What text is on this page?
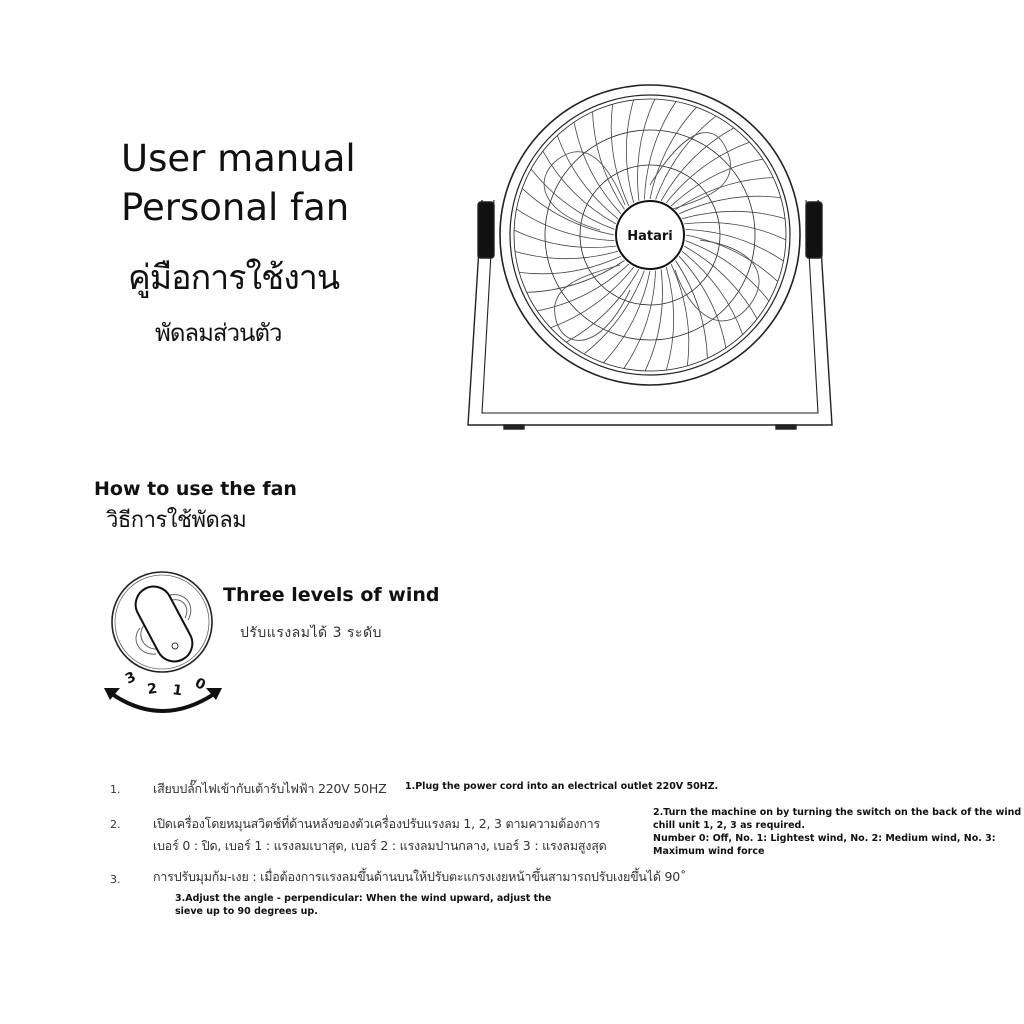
User manual
Personal fan
คู่มือการใช้งาน
พัดลมส่วนตัว
Hatari
How to use the fan
วิธีการใช้พัดลม
3
2 1 0
Three levels of wind
ปรับแรงลมได้ 3 ระดับ
1.	เสียบปลั๊กไฟเข้ากับเต้ารับไฟฟ้า 220V 50HZ 1.Plug the power cord into an electrical outlet 220V 50HZ.
2.	เปิดเครื่องโดยหมุนสวิตช์ที่ด้านหลังของตัวเครื่องปรับแรงลม 1, 2, 3 ตามความต้องการ
เบอร์ 0 : ปิด, เบอร์ 1 : แรงลมเบาสุด, เบอร์ 2 : แรงลมปานกลาง, เบอร์ 3 : แรงลมสูงสุด
2.Turn the machine on by turning the switch on the back of the wind
chill unit 1, 2, 3 as required.
Number 0: Off, No. 1: Lightest wind, No. 2: Medium wind, No. 3:
Maximum wind force
3.	การปรับมุมก้ม-เงย : เมื่อต้องการแรงลมขึ้นด้านบนให้ปรับตะแกรงเงยหน้าขึ้นสามารถปรับเงยขึ้นได้ 90˚
3.Adjust the angle - perpendicular: When the wind upward, adjust the
sieve up to 90 degrees up.
